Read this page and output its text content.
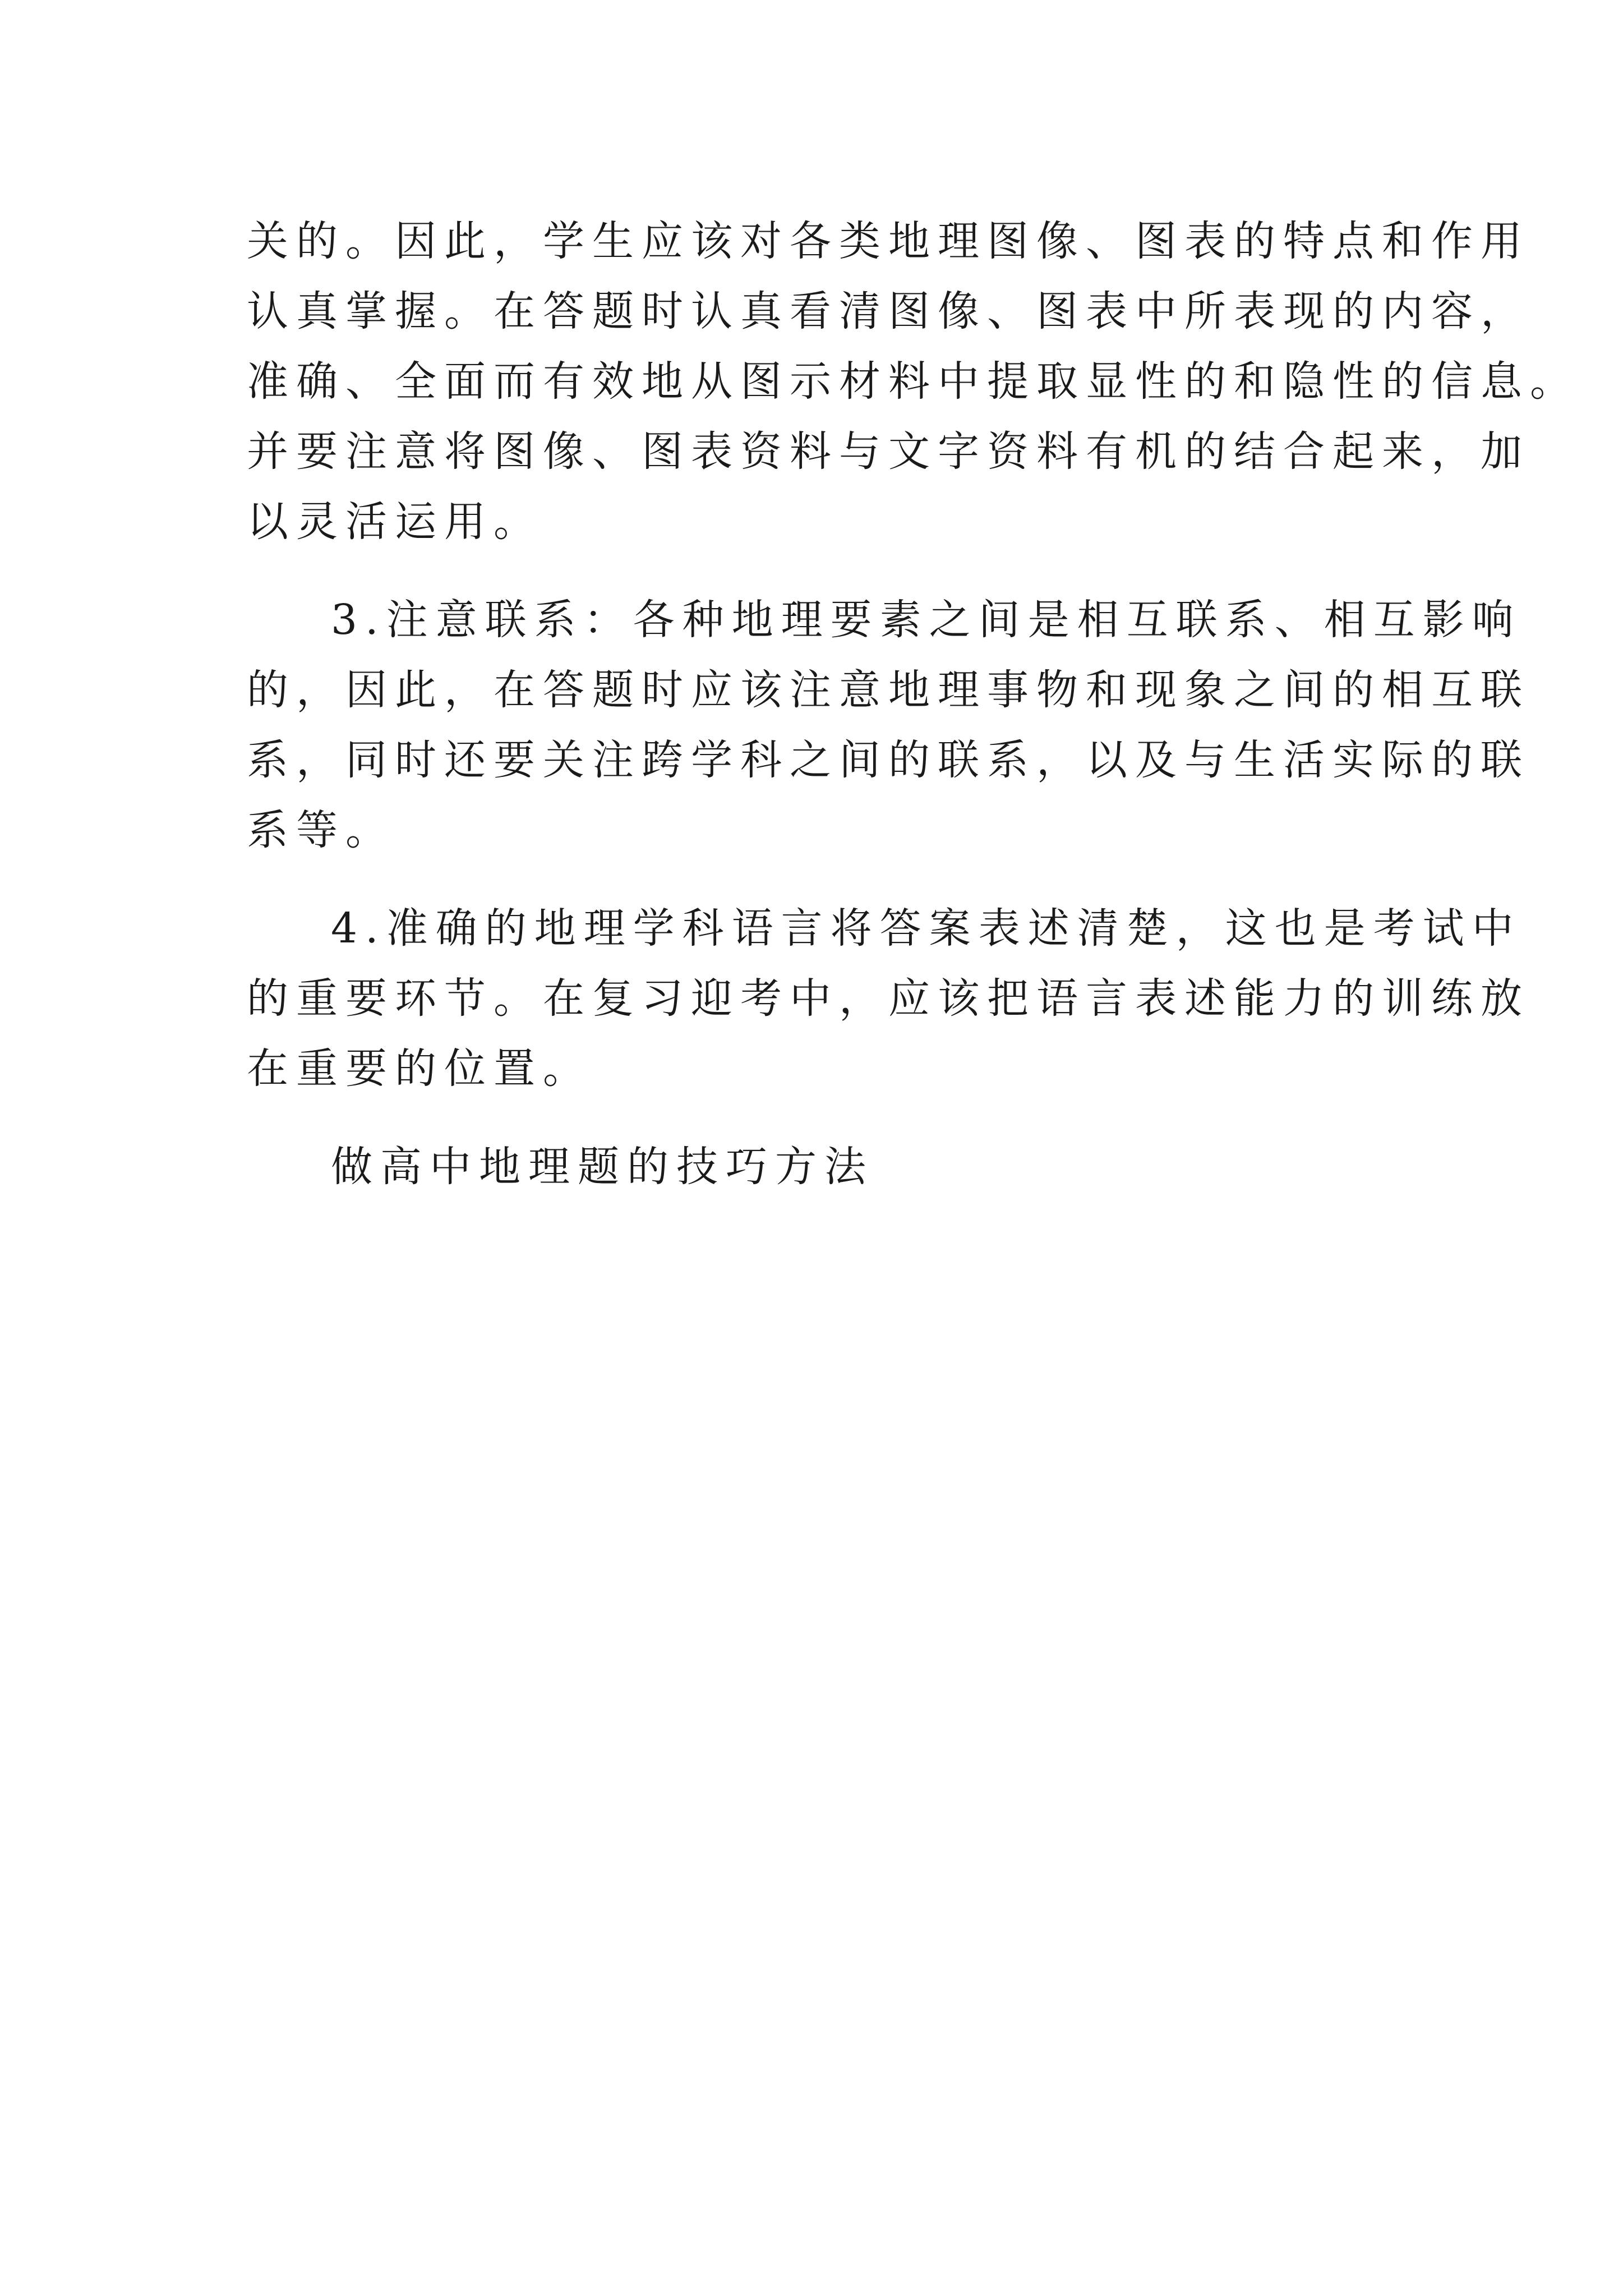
关的。因此，学生应该对各类地理图像、图表的特点和作用

认真掌握。在答题时认真看清图像、图表中所表现的内容，

准确、全面而有效地从图示材料中提取显性的和隐性的信息。

并要注意将图像、图表资料与文字资料有机的结合起来，加

以灵活运用。

3.注意联系：各种地理要素之间是相互联系、相互影响

的，因此，在答题时应该注意地理事物和现象之间的相互联

系，同时还要关注跨学科之间的联系，以及与生活实际的联

系等。

4.准确的地理学科语言将答案表述清楚，这也是考试中

的重要环节。在复习迎考中，应该把语言表述能力的训练放

在重要的位置。

做高中地理题的技巧方法
